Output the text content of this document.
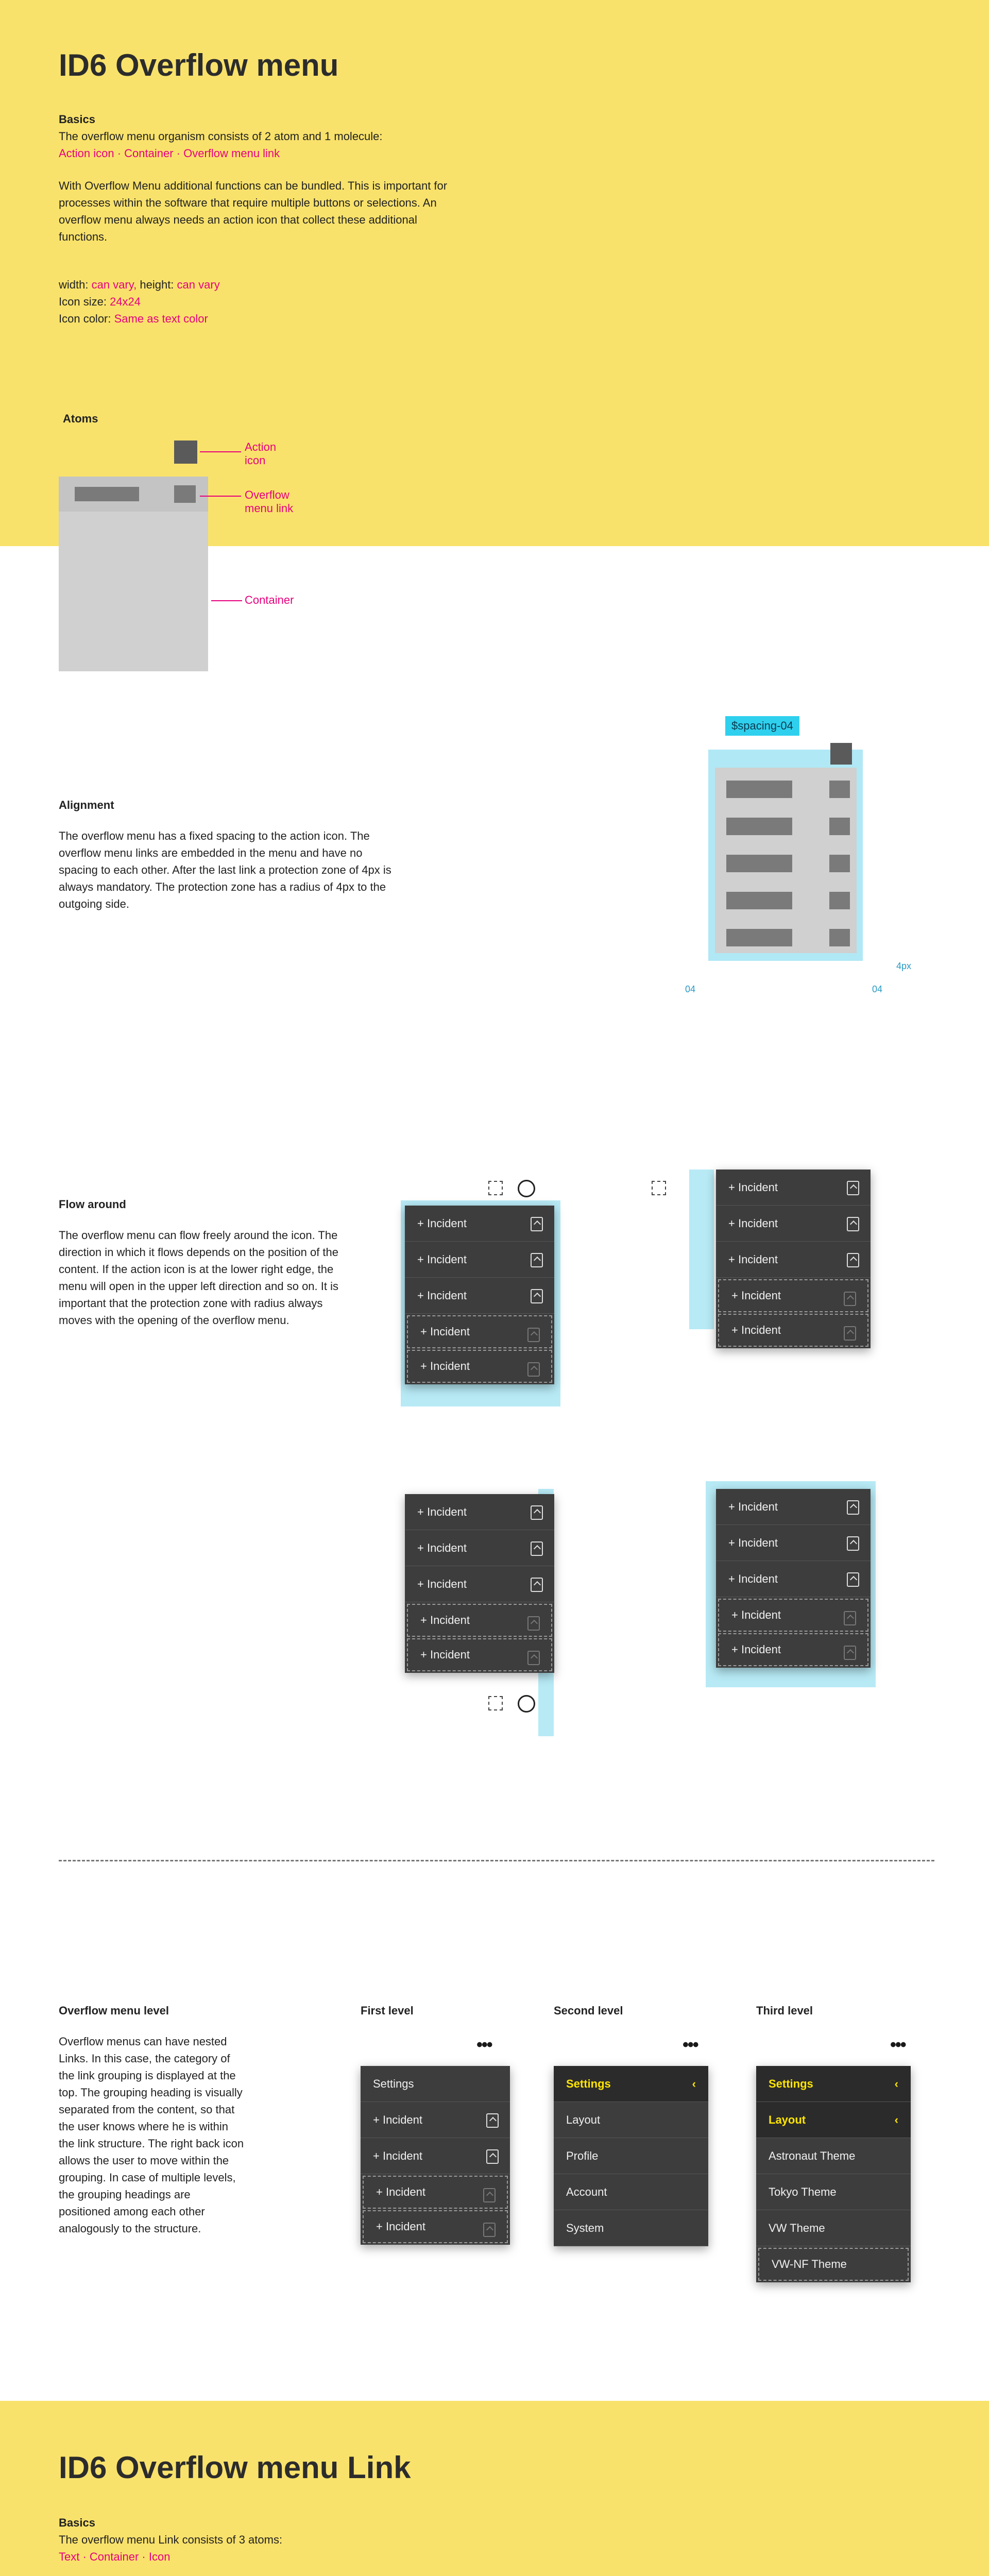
ID6 Overflow menu
Basics
The overflow menu organism consists of 2 atom and 1 molecule:
Action icon · Container · Overflow menu link
With Overflow Menu additional functions can be bundled. This is important for processes within the software that require multiple buttons or selections. An overflow menu always needs an action icon that collect these additional functions.
width: can vary, height: can vary
Icon size: 24x24
Icon color: Same as text color
Atoms
Action icon
Overflow menu link
Container
Alignment
The overflow menu has a fixed spacing to the action icon. The overflow menu links are embedded in the menu and have no spacing to each other. After the last link a protection zone of 4px is always mandatory. The protection zone has a radius of 4px to the outgoing side.
$spacing-04
4px
04	04
Flow around
The overflow menu can flow freely around the icon. The direction in which it flows depends on the position of the content. If the action icon is at the lower right edge, the menu will open in the upper left direction and so on. It is important that the protection zone with radius always moves with the opening of the overflow menu.
+ Incident
+ Incident
+ Incident
+ Incident
+ Incident
+ Incident
+ Incident
+ Incident
+ Incident
+ Incident
+ Incident
+ Incident
+ Incident
+ Incident
+ Incident
+ Incident
+ Incident
+ Incident
+ Incident
+ Incident
Overflow menu level
Overflow menus can have nested Links. In this case, the category of the link grouping is displayed at the top. The grouping heading is visually separated from the content, so that the user knows where he is within the link structure. The right back icon allows the user to move within the grouping. In case of multiple levels, the grouping headings are positioned among each other analogously to the structure.
First level
•••
Settings
+ Incident
+ Incident
+ Incident
+ Incident
Second level
•••
Settings	‹
Layout
Profile
Account
System
Third level
•••
Settings	‹
Layout	‹
Astronaut Theme
Tokyo Theme
VW Theme
VW-NF Theme
ID6 Overflow menu Link
Basics
The overflow menu Link consists of 3 atoms:
Text · Container · Icon
